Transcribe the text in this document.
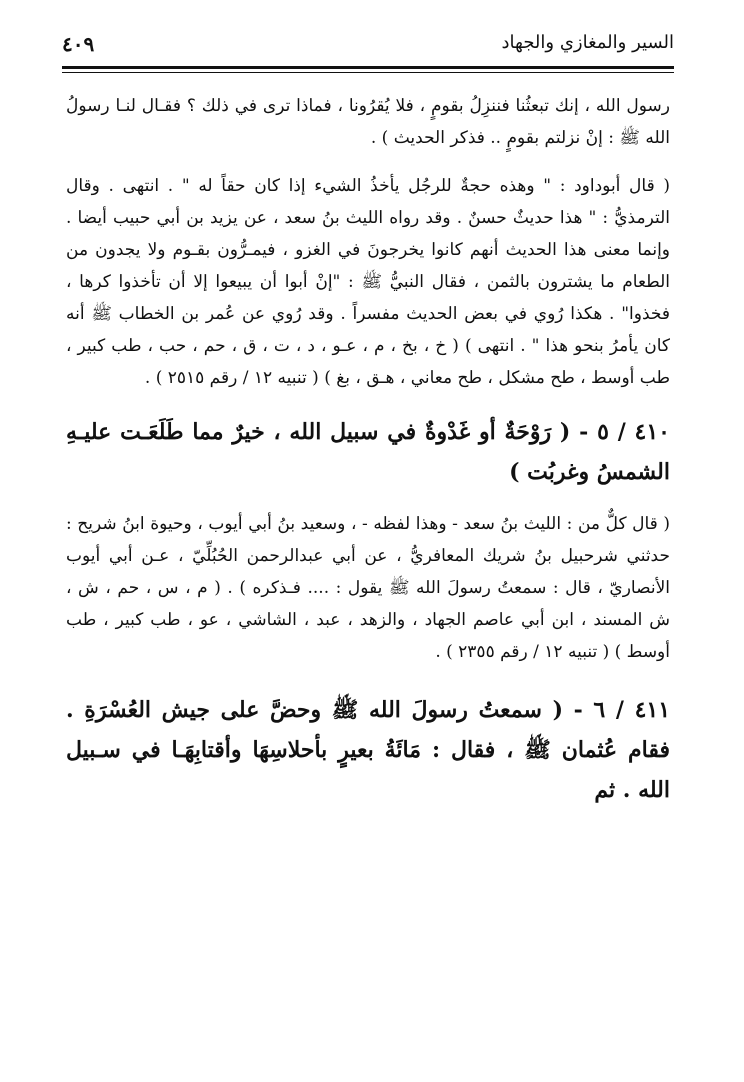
٤٠٩	السير والمغازي والجهاد

رسول الله ، إنك تبعثُنا فننزِلُ بقومٍ ، فلا يُقرُونا ، فماذا ترى في ذلك ؟ فقـال لنـا رسولُ الله ﷺ : إنْ نزلتم بقومٍ .. فذكر الحديث ) .

( قال أبوداود : " وهذه حجةٌ للرجُل يأخذُ الشيء إذا كان حقاً له " . انتهى . وقال الترمذيُّ : " هذا حديثٌ حسنٌ . وقد رواه الليث بنُ سعد ، عن يزيد بن أبي حبيب أيضا . وإنما معنى هذا الحديث أنهم كانوا يخرجونَ في الغزو ، فيمـرُّون بقـوم ولا يجدون من الطعام ما يشترون بالثمن ، فقال النبيُّ ﷺ : "إنْ أبوا أن يبيعوا إلا أن تأخذوا كرها ، فخذوا" . هكذا رُوي في بعض الحديث مفسراً . وقد رُوي عن عُمر بن الخطاب ﷺ أنه كان يأمرُ بنحو هذا " . انتهى ) ( خ ، بخ ، م ، عـو ، د ، ت ، ق ، حم ، حب ، طب كبير ، طب أوسط ، طح مشكل ، طح معاني ، هـق ، بغ ) ( تنبيه ١٢ / رقم ٢٥١٥ ) .

٤١٠ / ٥ - ( رَوْحَةٌ أو غَدْوةٌ في سبيل الله ، خيرٌ مما طَلَعَـت عليـهِ الشمسُ وغربُت )

( قال كلٌّ من : الليث بنُ سعد - وهذا لفظه - ، وسعيد بنُ أبي أيوب ، وحيوة ابنُ شريح : حدثني شرحبيل بنُ شريك المعافريُّ ، عن أبي عبدالرحمن الحُبُلِّيّ ، عـن أبي أيوب الأنصاريّ ، قال : سمعتُ رسولَ الله ﷺ يقول : .... فـذكره ) . ( م ، س ، حم ، ش ، ش المسند ، ابن أبي عاصم الجهاد ، والزهد ، عبد ، الشاشي ، عو ، طب كبير ، طب أوسط ) ( تنبيه ١٢ / رقم ٢٣٥٥ ) .

٤١١ / ٦ - ( سمعتُ رسولَ الله ﷺ وحضَّ على جيش العُسْرَةِ . فقام عُثمان ﷺ ، فقال : مَائَةُ بعيرٍ بأحلاسِهَا وأقتابِهَـا في سـبيل الله . ثم
